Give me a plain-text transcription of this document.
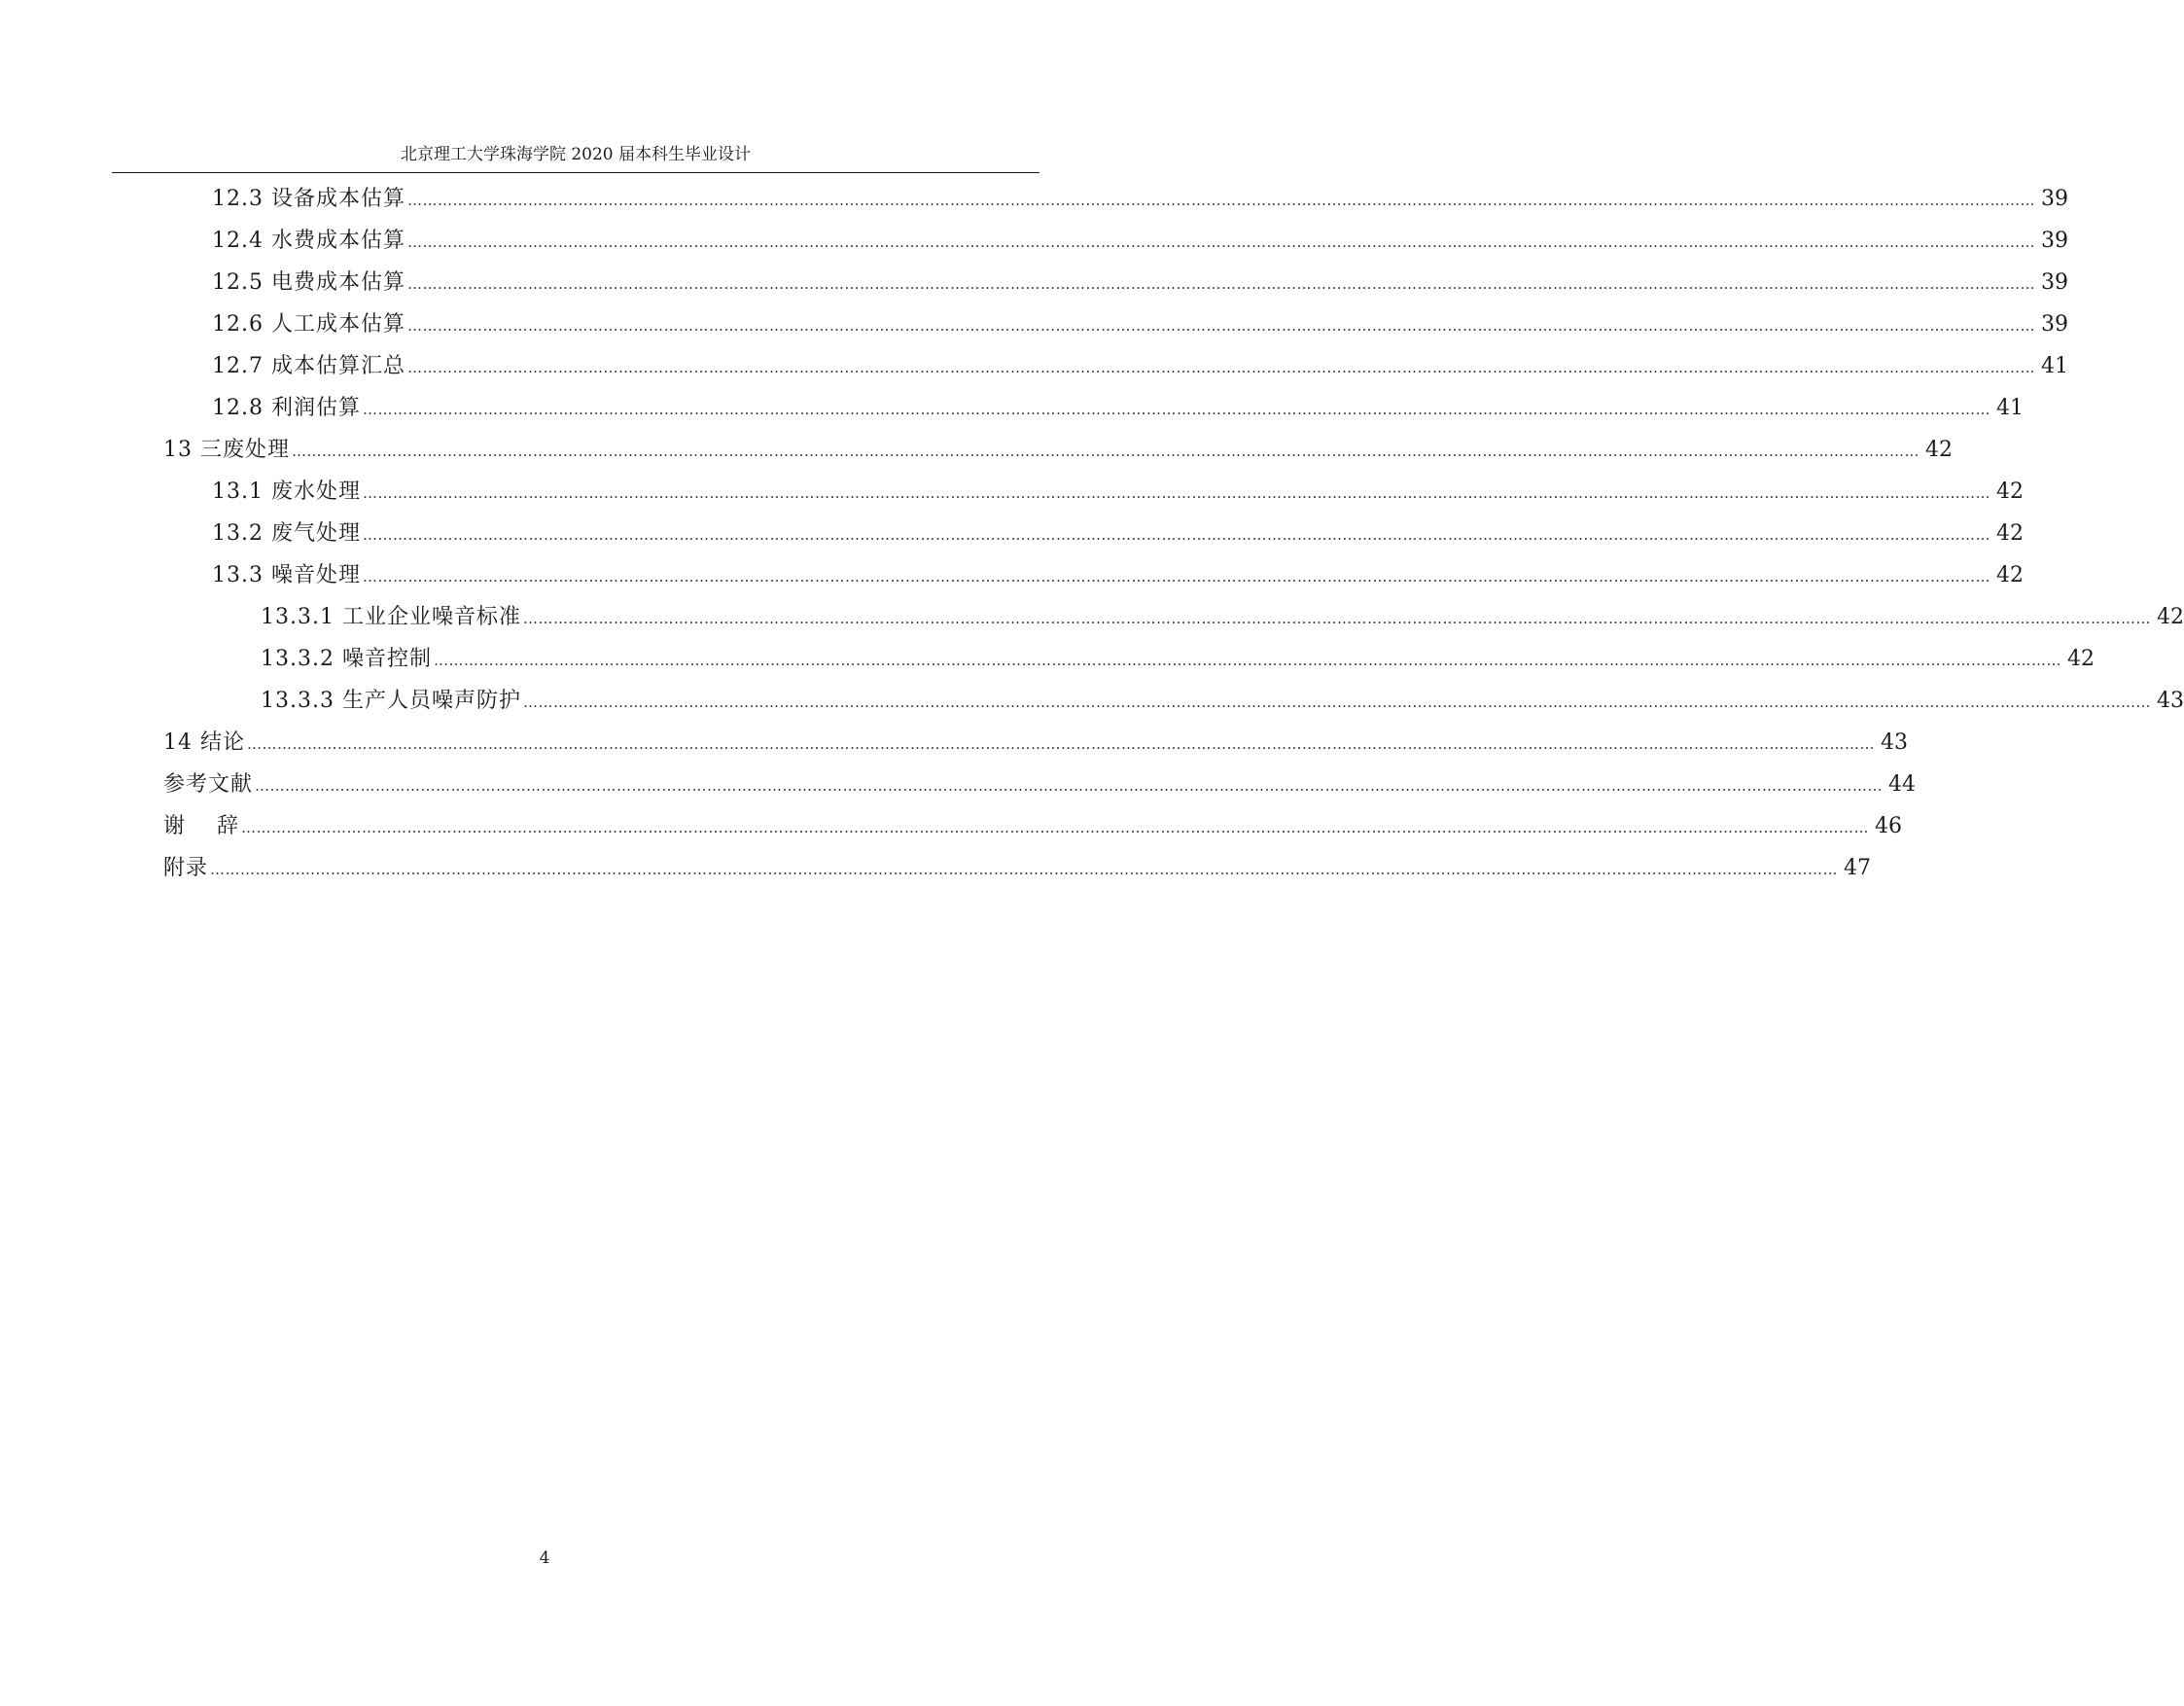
北京理工大学珠海学院 2020 届本科生毕业设计
12.3 设备成本估算 ……………………………………………………………………………………………………………………………………………………………………………………………………………………………………………………………………………………………… 39
12.4 水费成本估算 ……………………………………………………………………………………………………………………………………………………………………………………………………………………………………………………………………………………………… 39
12.5 电费成本估算 ……………………………………………………………………………………………………………………………………………………………………………………………………………………………………………………………………………………………… 39
12.6 人工成本估算 ……………………………………………………………………………………………………………………………………………………………………………………………………………………………………………………………………………………………… 39
12.7 成本估算汇总 ……………………………………………………………………………………………………………………………………………………………………………………………………………………………………………………………………………………………… 41
12.8 利润估算 ……………………………………………………………………………………………………………………………………………………………………………………………………………………………………………………………………………………………… 41
13 三废处理 ……………………………………………………………………………………………………………………………………………………………………………………………………………………………………………………………………………………………… 42
13.1 废水处理 ……………………………………………………………………………………………………………………………………………………………………………………………………………………………………………………………………………………………… 42
13.2 废气处理 ……………………………………………………………………………………………………………………………………………………………………………………………………………………………………………………………………………………………… 42
13.3 噪音处理 ……………………………………………………………………………………………………………………………………………………………………………………………………………………………………………………………………………………………… 42
13.3.1 工业企业噪音标准 ……………………………………………………………………………………………………………………………………………………………………………………………………………………………………………………………………………………………… 42
13.3.2 噪音控制 ……………………………………………………………………………………………………………………………………………………………………………………………………………………………………………………………………………………………… 42
13.3.3 生产人员噪声防护 ……………………………………………………………………………………………………………………………………………………………………………………………………………………………………………………………………………………………… 43
14 结论 ……………………………………………………………………………………………………………………………………………………………………………………………………………………………………………………………………………………………… 43
参考文献 ……………………………………………………………………………………………………………………………………………………………………………………………………………………………………………………………………………………………… 44
谢    辞 ……………………………………………………………………………………………………………………………………………………………………………………………………………………………………………………………………………………………… 46
附录 ……………………………………………………………………………………………………………………………………………………………………………………………………………………………………………………………………………………………… 47
4
